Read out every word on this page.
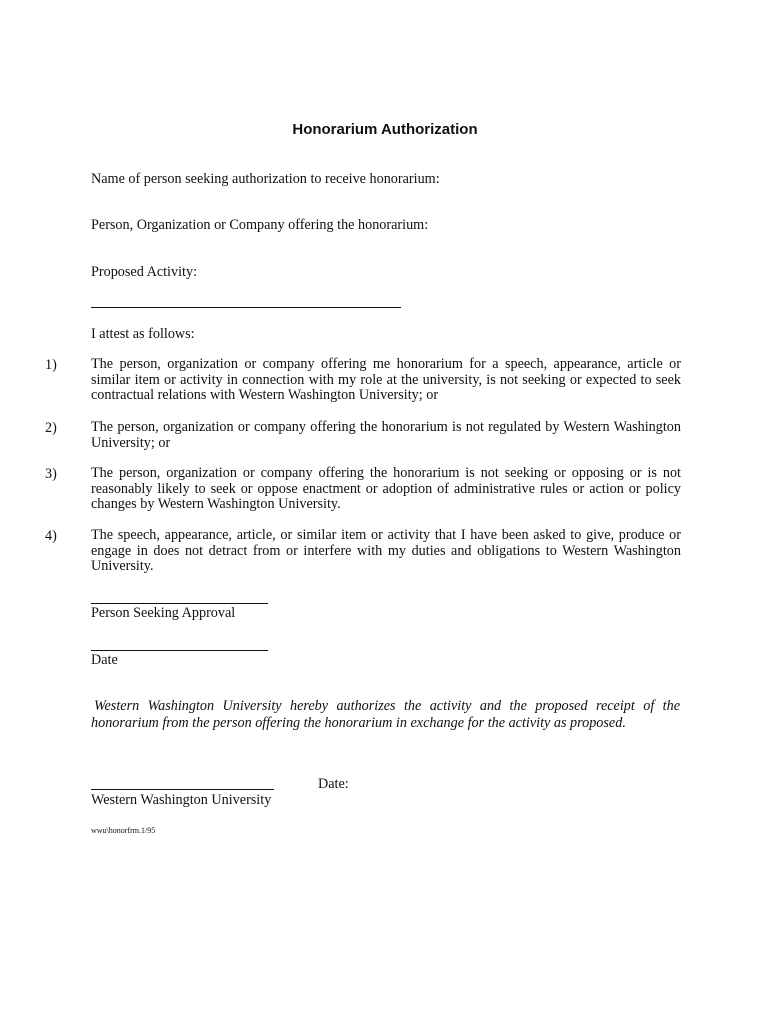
Honorarium Authorization
Name of person seeking authorization to receive honorarium:
Person, Organization or Company offering the honorarium:
Proposed Activity:
I attest as follows:
1) The person, organization or company offering me honorarium for a speech, appearance, article or similar item or activity in connection with my role at the university, is not seeking or expected to seek contractual relations with Western Washington University; or
2) The person, organization or company offering the honorarium is not regulated by Western Washington University; or
3) The person, organization or company offering the honorarium is not seeking or opposing or is not reasonably likely to seek or oppose enactment or adoption of administrative rules or action or policy changes by Western Washington University.
4) The speech, appearance, article, or similar item or activity that I have been asked to give, produce or engage in does not detract from or interfere with my duties and obligations to Western Washington University.
Person Seeking Approval
Date
Western Washington University hereby authorizes the activity and the proposed receipt of the honorarium from the person offering the honorarium in exchange for the activity as proposed.
Date:
Western Washington University
wwu\honorfrm.1/95
